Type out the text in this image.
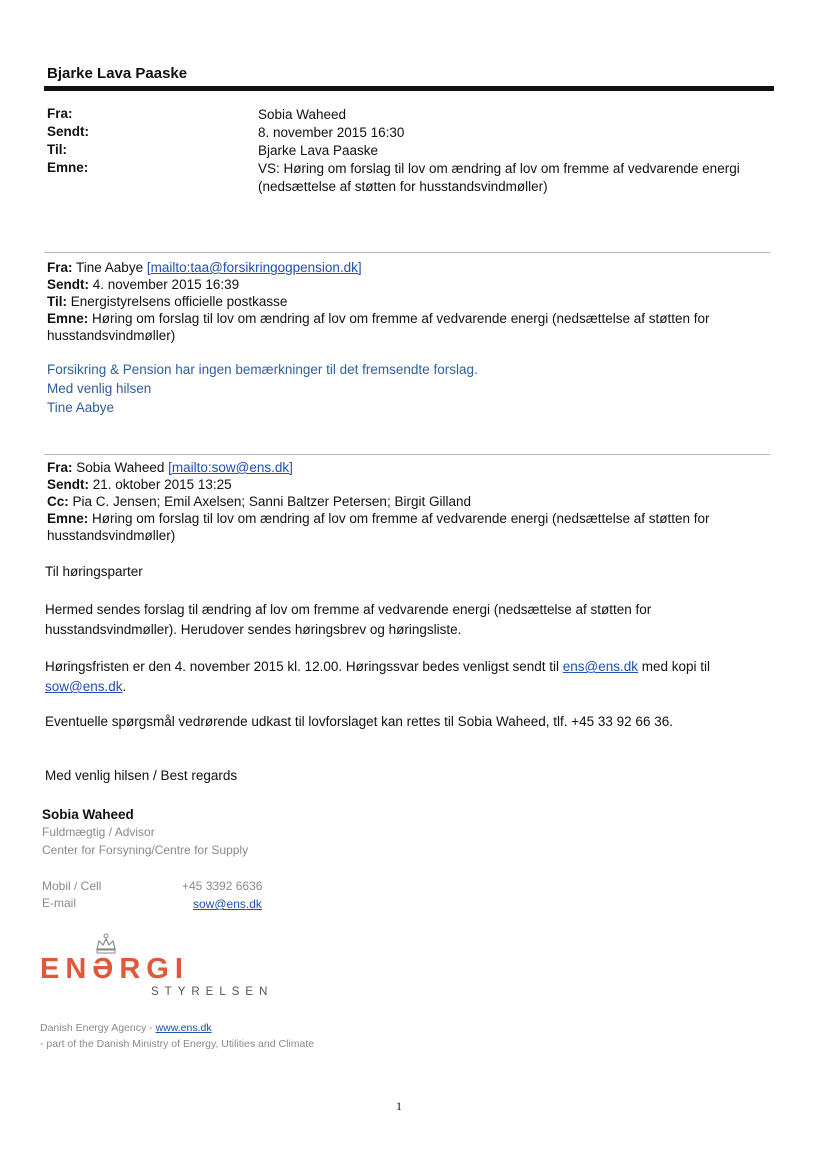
Bjarke Lava Paaske
Fra:	Sobia Waheed
Sendt:	8. november 2015 16:30
Til:	Bjarke Lava Paaske
Emne:	VS: Høring om forslag til lov om ændring af lov om fremme af vedvarende energi (nedsættelse af støtten for husstandsvindmøller)
Fra: Tine Aabye [mailto:taa@forsikringogpension.dk]
Sendt: 4. november 2015 16:39
Til: Energistyrelsens officielle postkasse
Emne: Høring om forslag til lov om ændring af lov om fremme af vedvarende energi (nedsættelse af støtten for husstandsvindmøller)
Forsikring & Pension har ingen bemærkninger til det fremsendte forslag.
Med venlig hilsen
Tine Aabye
Fra: Sobia Waheed [mailto:sow@ens.dk]
Sendt: 21. oktober 2015 13:25
Cc: Pia C. Jensen; Emil Axelsen; Sanni Baltzer Petersen; Birgit Gilland
Emne: Høring om forslag til lov om ændring af lov om fremme af vedvarende energi (nedsættelse af støtten for husstandsvindmøller)
Til høringsparter
Hermed sendes forslag til ændring af lov om fremme af vedvarende energi (nedsættelse af støtten for husstandsvindmøller). Herudover sendes høringsbrev og høringsliste.
Høringsfristen er den 4. november 2015 kl. 12.00. Høringssvar bedes venligst sendt til ens@ens.dk med kopi til sow@ens.dk.
Eventuelle spørgsmål vedrørende udkast til lovforslaget kan rettes til Sobia Waheed, tlf. +45 33 92 66 36.
Med venlig hilsen / Best regards
Sobia Waheed
Fuldmægtig / Advisor
Center for Forsyning/Centre for Supply
Mobil / Cell	+45 3392 6636
E-mail	sow@ens.dk
ENƏRGI
STYRELSEN
Danish Energy Agency - www.ens.dk
- part of the Danish Ministry of Energy, Utilities and Climate
1
